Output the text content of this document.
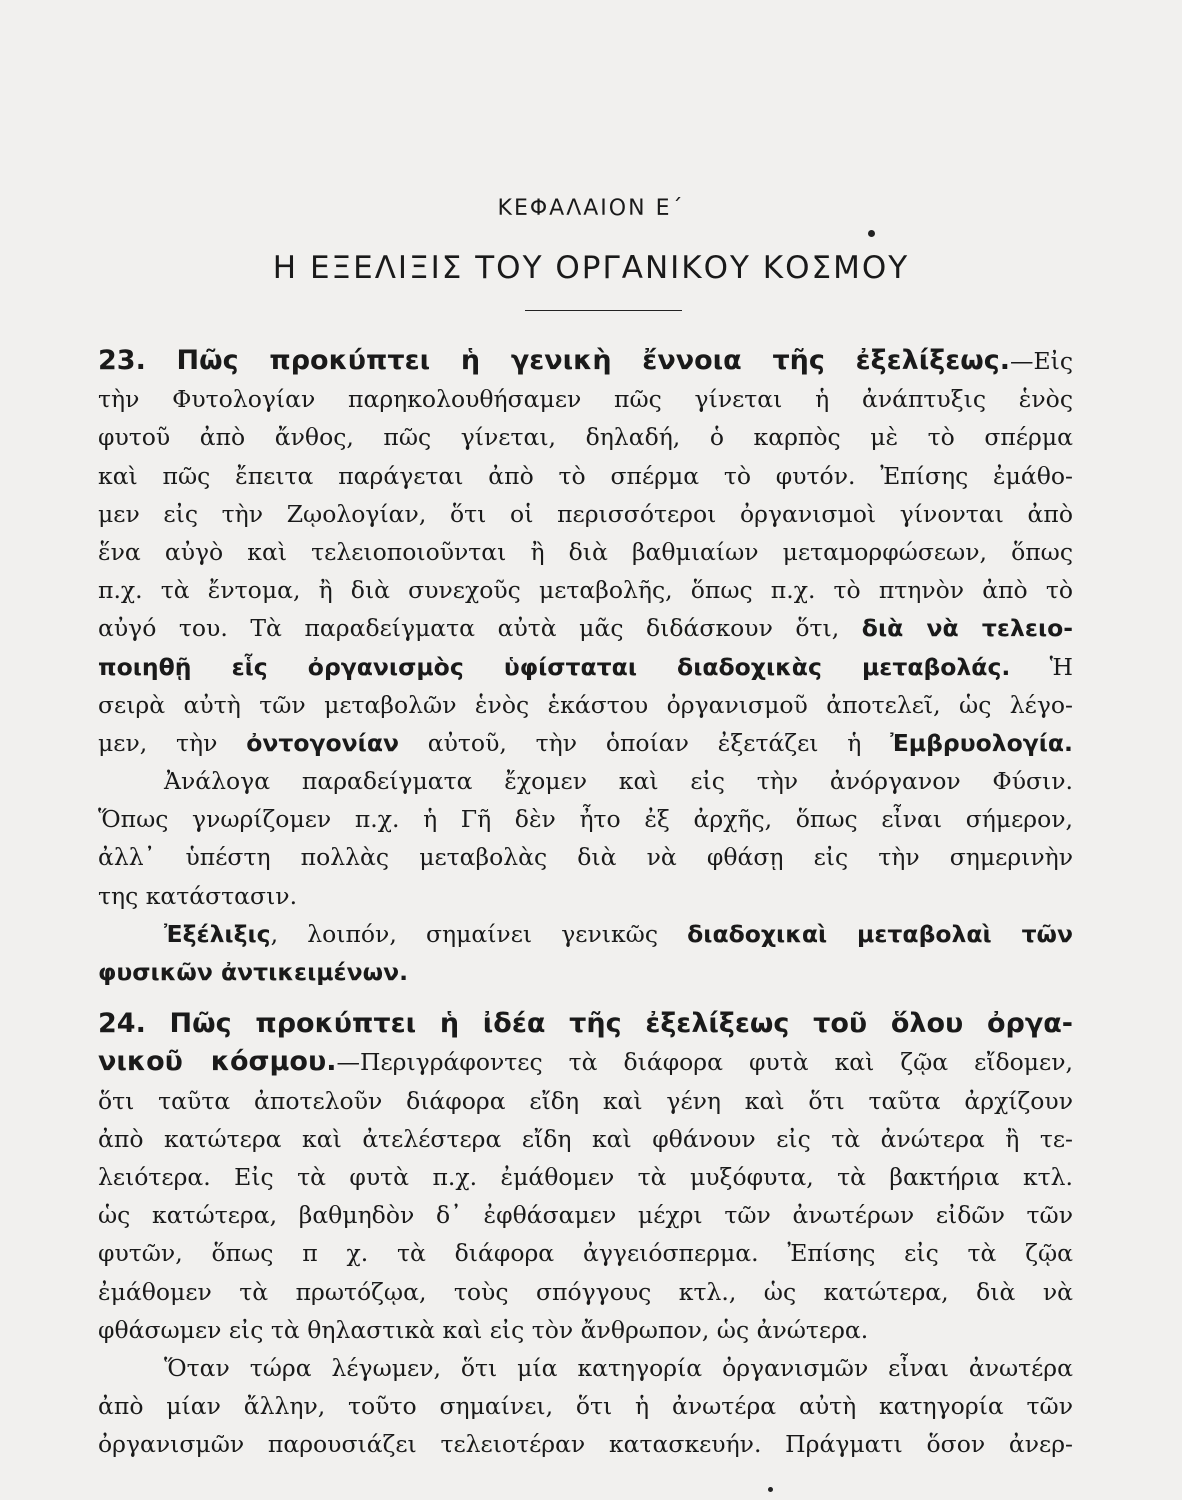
ΚΕΦΑΛΑΙΟΝ Ε΄
Η ΕΞΕΛΙΞΙΣ ΤΟΥ ΟΡΓΑΝΙΚΟΥ ΚΟΣΜΟΥ
23. Πῶς προκύπτει ἡ γενικὴ ἔννοια τῆς ἐξελίξεως.—Εἰς
τὴν Φυτολογίαν παρηκολουθήσαμεν πῶς γίνεται ἡ ἀνάπτυξις ἑνὸς
φυτοῦ ἀπὸ ἄνθος, πῶς γίνεται, δηλαδή, ὁ καρπὸς μὲ τὸ σπέρμα
καὶ πῶς ἔπειτα παράγεται ἀπὸ τὸ σπέρμα τὸ φυτόν. Ἐπίσης ἐμάθο-
μεν εἰς τὴν Ζῳολογίαν, ὅτι οἱ περισσότεροι ὀργανισμοὶ γίνονται ἀπὸ
ἕνα αὐγὸ καὶ τελειοποιοῦνται ἢ διὰ βαθμιαίων μεταμορφώσεων, ὅπως
π.χ. τὰ ἔντομα, ἢ διὰ συνεχοῦς μεταβολῆς, ὅπως π.χ. τὸ πτηνὸν ἀπὸ τὸ
αὐγό του. Τὰ παραδείγματα αὐτὰ μᾶς διδάσκουν ὅτι, διὰ νὰ τελειο-
ποιηθῇ εἷς ὀργανισμὸς ὑφίσταται διαδοχικὰς μεταβολάς. Ἡ
σειρὰ αὐτὴ τῶν μεταβολῶν ἑνὸς ἑκάστου ὀργανισμοῦ ἀποτελεῖ, ὡς λέγο-
μεν, τὴν ὀντογονίαν αὐτοῦ, τὴν ὁποίαν ἐξετάζει ἡ Ἐμβρυολογία.
Ἀνάλογα παραδείγματα ἔχομεν καὶ εἰς τὴν ἀνόργανον Φύσιν.
Ὅπως γνωρίζομεν π.χ. ἡ Γῆ δὲν ἦτο ἐξ ἀρχῆς, ὅπως εἶναι σήμερον,
ἀλλ᾽ ὑπέστη πολλὰς μεταβολὰς διὰ νὰ φθάσῃ εἰς τὴν σημερινὴν
της κατάστασιν.
Ἐξέλιξις, λοιπόν, σημαίνει γενικῶς διαδοχικαὶ μεταβολαὶ τῶν
φυσικῶν ἀντικειμένων.
24. Πῶς προκύπτει ἡ ἰδέα τῆς ἐξελίξεως τοῦ ὅλου ὀργα-
νικοῦ κόσμου.—Περιγράφοντες τὰ διάφορα φυτὰ καὶ ζῷα εἴδομεν,
ὅτι ταῦτα ἀποτελοῦν διάφορα εἴδη καὶ γένη καὶ ὅτι ταῦτα ἀρχίζουν
ἀπὸ κατώτερα καὶ ἀτελέστερα εἴδη καὶ φθάνουν εἰς τὰ ἀνώτερα ἢ τε-
λειότερα. Εἰς τὰ φυτὰ π.χ. ἐμάθομεν τὰ μυξόφυτα, τὰ βακτήρια κτλ.
ὡς κατώτερα, βαθμηδὸν δ᾽ ἐφθάσαμεν μέχρι τῶν ἀνωτέρων εἰδῶν τῶν
φυτῶν, ὅπως π χ. τὰ διάφορα ἀγγειόσπερμα. Ἐπίσης εἰς τὰ ζῷα
ἐμάθομεν τὰ πρωτόζῳα, τοὺς σπόγγους κτλ., ὡς κατώτερα, διὰ νὰ
φθάσωμεν εἰς τὰ θηλαστικὰ καὶ εἰς τὸν ἄνθρωπον, ὡς ἀνώτερα.
Ὅταν τώρα λέγωμεν, ὅτι μία κατηγορία ὀργανισμῶν εἶναι ἀνωτέρα
ἀπὸ μίαν ἄλλην, τοῦτο σημαίνει, ὅτι ἡ ἀνωτέρα αὐτὴ κατηγορία τῶν
ὀργανισμῶν παρουσιάζει τελειοτέραν κατασκευήν. Πράγματι ὅσον ἀνερ-
